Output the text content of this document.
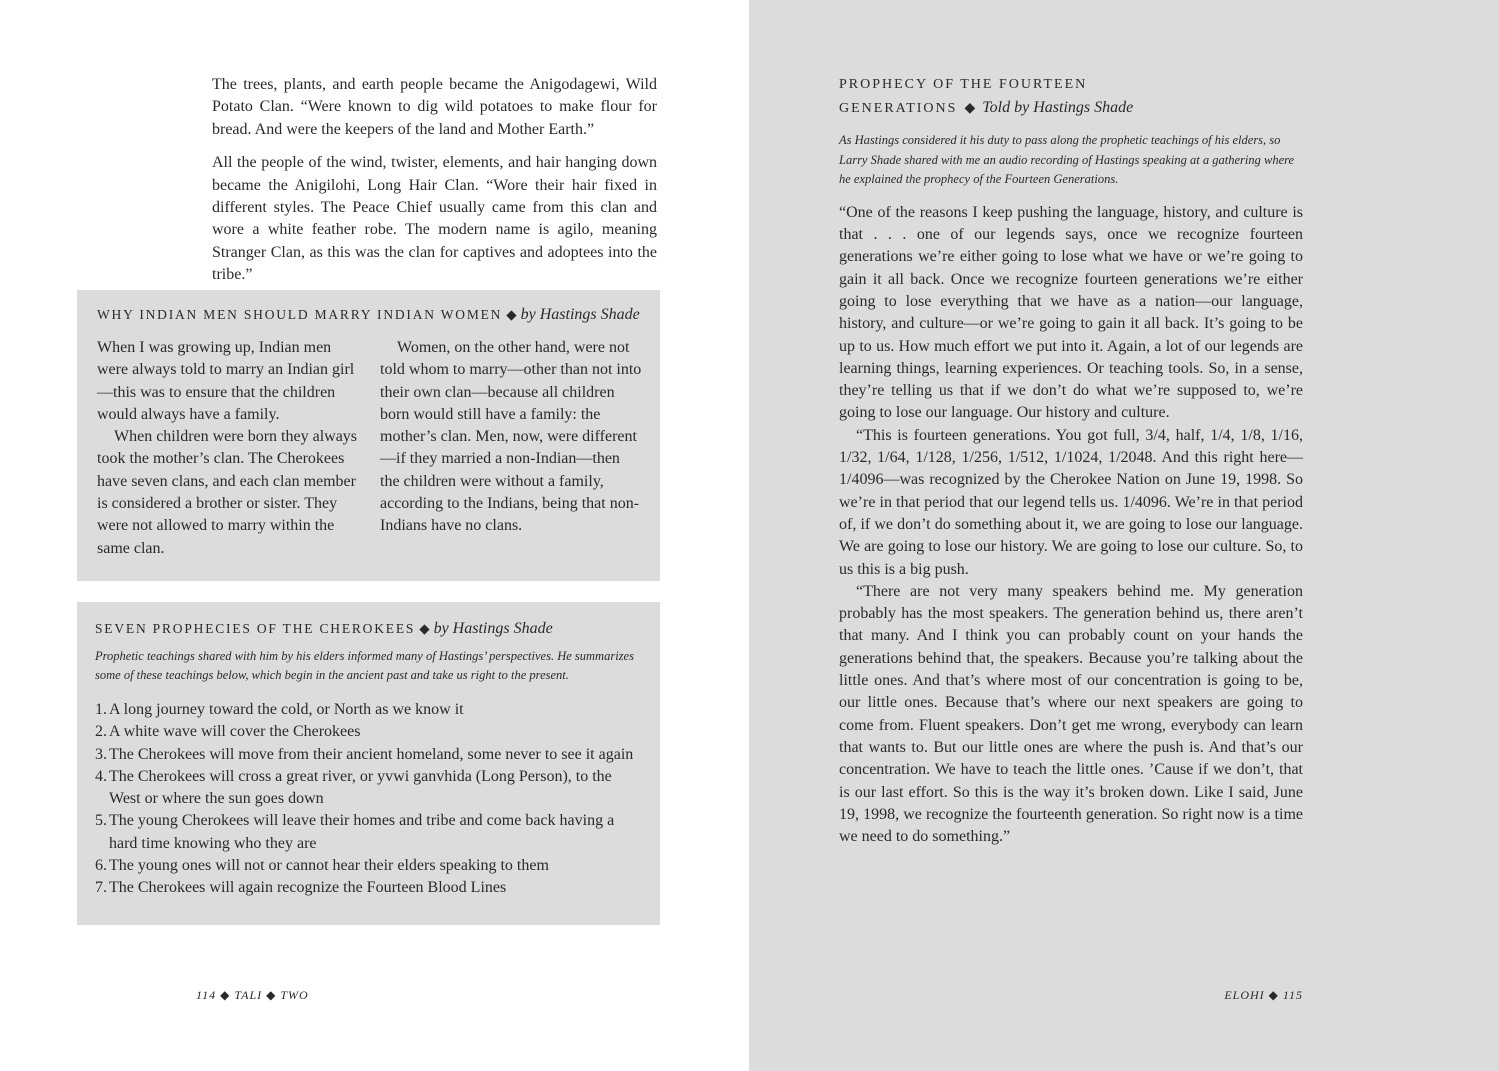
The trees, plants, and earth people became the Anigodagewi, Wild Potato Clan. “Were known to dig wild potatoes to make flour for bread. And were the keepers of the land and Mother Earth.”

All the people of the wind, twister, elements, and hair hanging down became the Anigilohi, Long Hair Clan. “Wore their hair fixed in different styles. The Peace Chief usually came from this clan and wore a white feather robe. The modern name is agilo, meaning Stranger Clan, as this was the clan for captives and adoptees into the tribe.”

WHY INDIAN MEN SHOULD MARRY INDIAN WOMEN ◆ by Hastings Shade

When I was growing up, Indian men were always told to marry an Indian girl—this was to ensure that the children would always have a family.

When children were born they always took the mother’s clan. The Cherokees have seven clans, and each clan member is considered a brother or sister. They were not allowed to marry within the same clan.

Women, on the other hand, were not told whom to marry—other than not into their own clan—because all children born would still have a family: the mother’s clan. Men, now, were different—if they married a non-Indian—then the children were without a family, according to the Indians, being that non-Indians have no clans.

SEVEN PROPHECIES OF THE CHEROKEES ◆ by Hastings Shade

Prophetic teachings shared with him by his elders informed many of Hastings’ perspectives. He summarizes some of these teachings below, which begin in the ancient past and take us right to the present.

1. A long journey toward the cold, or North as we know it
2. A white wave will cover the Cherokees
3. The Cherokees will move from their ancient homeland, some never to see it again
4. The Cherokees will cross a great river, or yvwi ganvhida (Long Person), to the West or where the sun goes down
5. The young Cherokees will leave their homes and tribe and come back having a hard time knowing who they are
6. The young ones will not or cannot hear their elders speaking to them
7. The Cherokees will again recognize the Fourteen Blood Lines
114 ◆ TALI ◆ TWO
PROPHECY OF THE FOURTEEN
GENERATIONS ◆ Told by Hastings Shade

As Hastings considered it his duty to pass along the prophetic teachings of his elders, so Larry Shade shared with me an audio recording of Hastings speaking at a gathering where he explained the prophecy of the Fourteen Generations.

“One of the reasons I keep pushing the language, history, and culture is that . . . one of our legends says, once we recognize fourteen generations we’re either going to lose what we have or we’re going to gain it all back. Once we recognize fourteen generations we’re either going to lose everything that we have as a nation—our language, history, and culture—or we’re going to gain it all back. It’s going to be up to us. How much effort we put into it. Again, a lot of our legends are learning things, learning experiences. Or teaching tools. So, in a sense, they’re telling us that if we don’t do what we’re supposed to, we’re going to lose our language. Our history and culture.

“This is fourteen generations. You got full, 3/4, half, 1/4, 1/8, 1/16, 1/32, 1/64, 1/128, 1/256, 1/512, 1/1024, 1/2048. And this right here—1/4096—was recognized by the Cherokee Nation on June 19, 1998. So we’re in that period that our legend tells us. 1/4096. We’re in that period of, if we don’t do something about it, we are going to lose our language. We are going to lose our history. We are going to lose our culture. So, to us this is a big push.

“There are not very many speakers behind me. My generation probably has the most speakers. The generation behind us, there aren’t that many. And I think you can probably count on your hands the generations behind that, the speakers. Because you’re talking about the little ones. And that’s where most of our concentration is going to be, our little ones. Because that’s where our next speakers are going to come from. Fluent speakers. Don’t get me wrong, everybody can learn that wants to. But our little ones are where the push is. And that’s our concentration. We have to teach the little ones. ’Cause if we don’t, that is our last effort. So this is the way it’s broken down. Like I said, June 19, 1998, we recognize the fourteenth generation. So right now is a time we need to do something.”

ELOHI ◆ 115
